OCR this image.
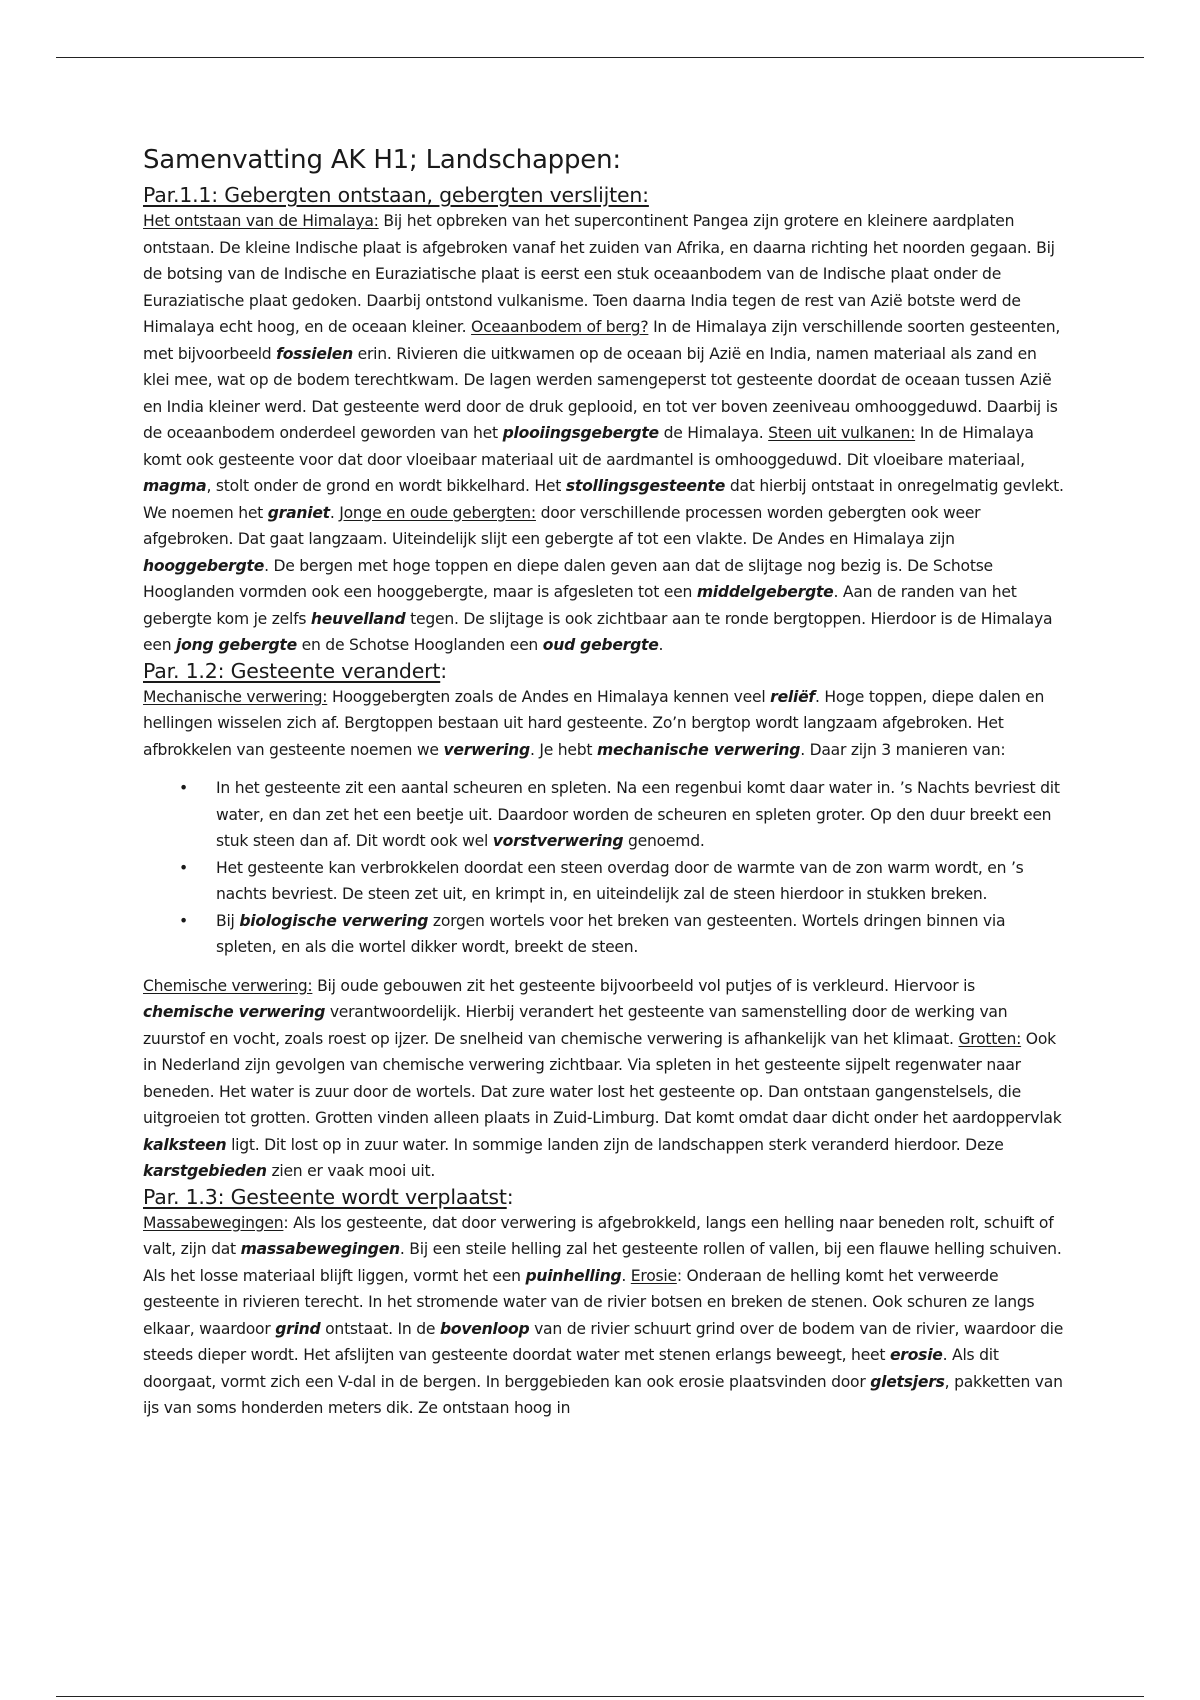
Samenvatting AK H1; Landschappen:
Par.1.1: Gebergten ontstaan, gebergten verslijten:

Het ontstaan van de Himalaya: Bij het opbreken van het supercontinent Pangea zijn grotere en kleinere aardplaten ontstaan. De kleine Indische plaat is afgebroken vanaf het zuiden van Afrika, en daarna richting het noorden gegaan. Bij de botsing van de Indische en Euraziatische plaat is eerst een stuk oceaanbodem van de Indische plaat onder de Euraziatische plaat gedoken. Daarbij ontstond vulkanisme. Toen daarna India tegen de rest van Azië botste werd de Himalaya echt hoog, en de oceaan kleiner. Oceaanbodem of berg? In de Himalaya zijn verschillende soorten gesteenten, met bijvoorbeeld fossielen erin. Rivieren die uitkwamen op de oceaan bij Azië en India, namen materiaal als zand en klei mee, wat op de bodem terechtkwam. De lagen werden samengeperst tot gesteente doordat de oceaan tussen Azië en India kleiner werd. Dat gesteente werd door de druk geplooid, en tot ver boven zeeniveau omhooggeduwd. Daarbij is de oceaanbodem onderdeel geworden van het plooiingsgebergte de Himalaya. Steen uit vulkanen: In de Himalaya komt ook gesteente voor dat door vloeibaar materiaal uit de aardmantel is omhooggeduwd. Dit vloeibare materiaal, magma, stolt onder de grond en wordt bikkelhard. Het stollingsgesteente dat hierbij ontstaat in onregelmatig gevlekt. We noemen het graniet. Jonge en oude gebergten: door verschillende processen worden gebergten ook weer afgebroken. Dat gaat langzaam. Uiteindelijk slijt een gebergte af tot een vlakte. De Andes en Himalaya zijn hooggebergte. De bergen met hoge toppen en diepe dalen geven aan dat de slijtage nog bezig is. De Schotse Hooglanden vormden ook een hooggebergte, maar is afgesleten tot een middelgebergte. Aan de randen van het gebergte kom je zelfs heuvelland tegen. De slijtage is ook zichtbaar aan te ronde bergtoppen. Hierdoor is de Himalaya een jong gebergte en de Schotse Hooglanden een oud gebergte.

Par. 1.2: Gesteente verandert:

Mechanische verwering: Hooggebergten zoals de Andes en Himalaya kennen veel reliëf. Hoge toppen, diepe dalen en hellingen wisselen zich af. Bergtoppen bestaan uit hard gesteente. Zo’n bergtop wordt langzaam afgebroken. Het afbrokkelen van gesteente noemen we verwering. Je hebt mechanische verwering. Daar zijn 3 manieren van:

• In het gesteente zit een aantal scheuren en spleten. Na een regenbui komt daar water in. ’s Nachts bevriest dit water, en dan zet het een beetje uit. Daardoor worden de scheuren en spleten groter. Op den duur breekt een stuk steen dan af. Dit wordt ook wel vorstverwering genoemd.
• Het gesteente kan verbrokkelen doordat een steen overdag door de warmte van de zon warm wordt, en ’s nachts bevriest. De steen zet uit, en krimpt in, en uiteindelijk zal de steen hierdoor in stukken breken.
• Bij biologische verwering zorgen wortels voor het breken van gesteenten. Wortels dringen binnen via spleten, en als die wortel dikker wordt, breekt de steen.

Chemische verwering: Bij oude gebouwen zit het gesteente bijvoorbeeld vol putjes of is verkleurd. Hiervoor is chemische verwering verantwoordelijk. Hierbij verandert het gesteente van samenstelling door de werking van zuurstof en vocht, zoals roest op ijzer. De snelheid van chemische verwering is afhankelijk van het klimaat. Grotten: Ook in Nederland zijn gevolgen van chemische verwering zichtbaar. Via spleten in het gesteente sijpelt regenwater naar beneden. Het water is zuur door de wortels. Dat zure water lost het gesteente op. Dan ontstaan gangenstelsels, die uitgroeien tot grotten. Grotten vinden alleen plaats in Zuid-Limburg. Dat komt omdat daar dicht onder het aardoppervlak kalksteen ligt. Dit lost op in zuur water. In sommige landen zijn de landschappen sterk veranderd hierdoor. Deze karstgebieden zien er vaak mooi uit.

Par. 1.3: Gesteente wordt verplaatst:

Massabewegingen: Als los gesteente, dat door verwering is afgebrokkeld, langs een helling naar beneden rolt, schuift of valt, zijn dat massabewegingen. Bij een steile helling zal het gesteente rollen of vallen, bij een flauwe helling schuiven. Als het losse materiaal blijft liggen, vormt het een puinhelling. Erosie: Onderaan de helling komt het verweerde gesteente in rivieren terecht. In het stromende water van de rivier botsen en breken de stenen. Ook schuren ze langs elkaar, waardoor grind ontstaat. In de bovenloop van de rivier schuurt grind over de bodem van de rivier, waardoor die steeds dieper wordt. Het afslijten van gesteente doordat water met stenen erlangs beweegt, heet erosie. Als dit doorgaat, vormt zich een V-dal in de bergen. In berggebieden kan ook erosie plaatsvinden door gletsjers, pakketten van ijs van soms honderden meters dik. Ze ontstaan hoog in
